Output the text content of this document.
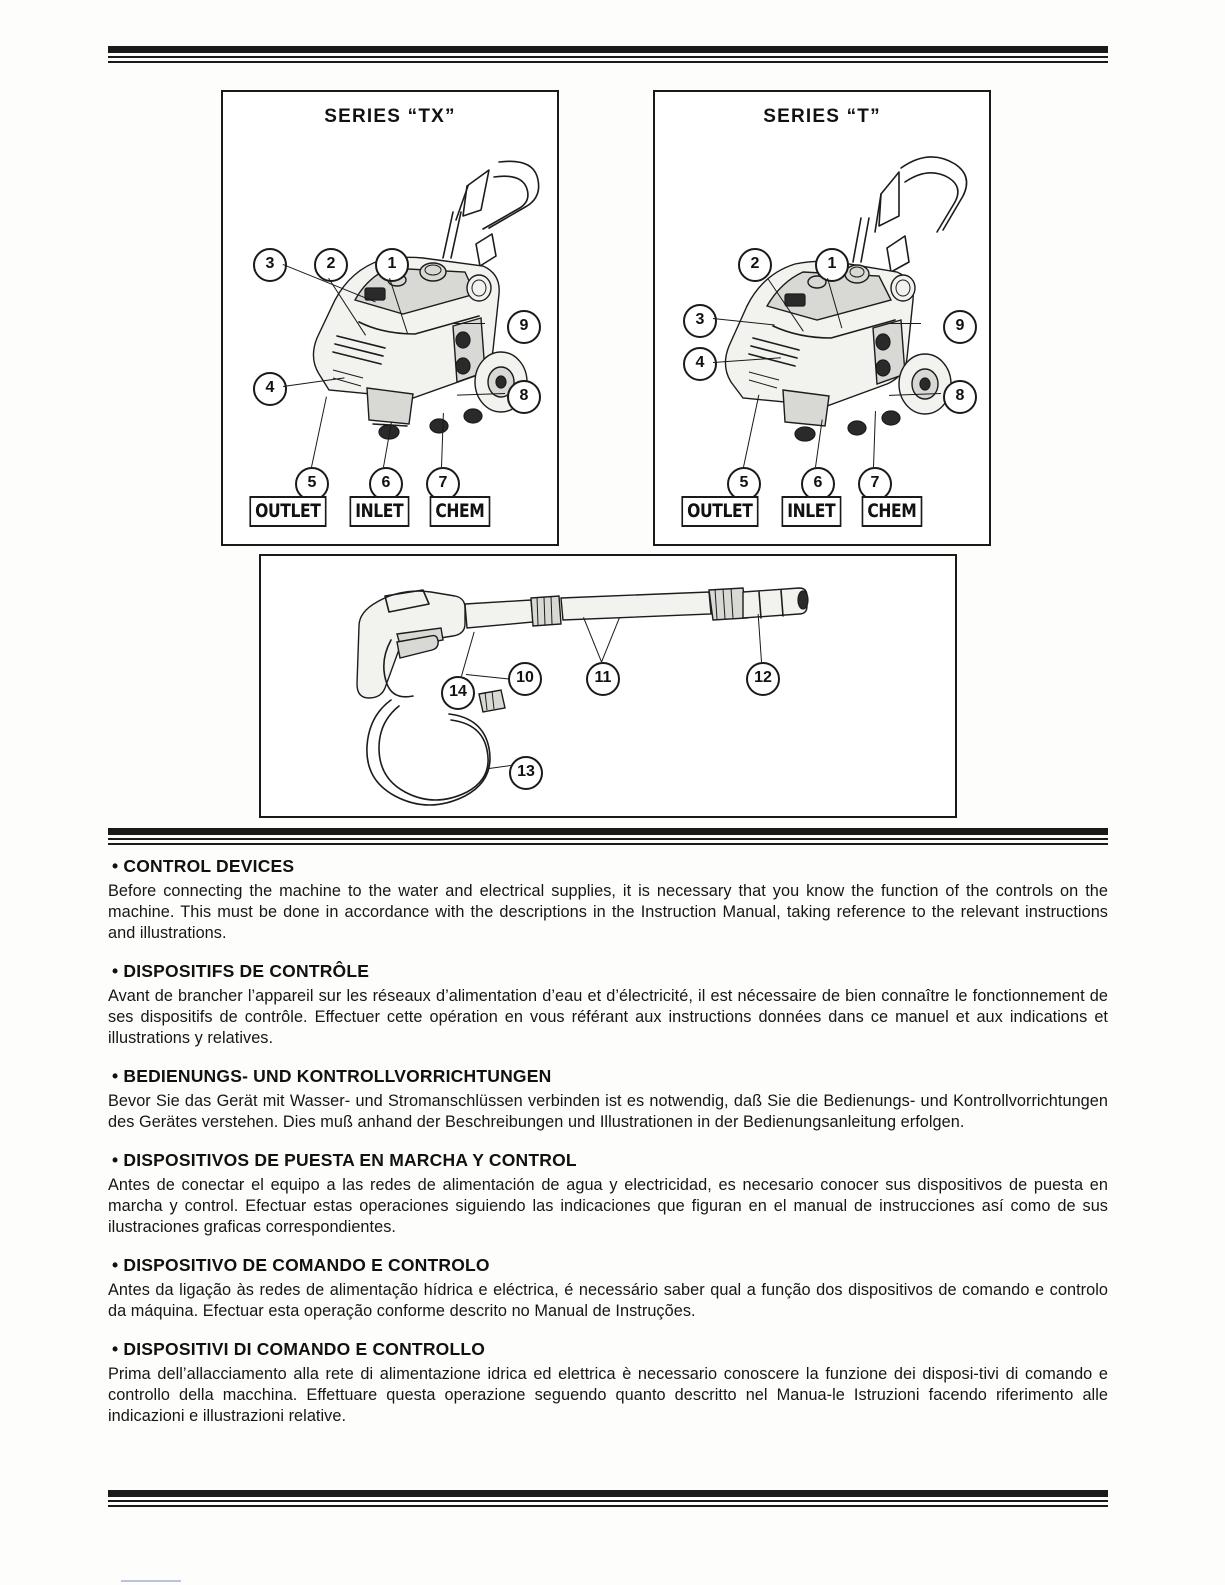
SERIES “TX”
3	2	1
9
4	8
5	6	7
OUTLET	INLET	CHEM
SERIES “T”
2	1
3	9
4
8
5	6	7
OUTLET	INLET	CHEM
14
10	11	12
13
• CONTROL DEVICES

Before connecting the machine to the water and electrical supplies, it is necessary that you know the function of the controls on the machine. This must be done in accordance with the descriptions in the Instruction Manual, taking reference to the relevant instructions and illustrations.

• DISPOSITIFS DE CONTRÔLE

Avant de brancher l’appareil sur les réseaux d’alimentation d’eau et d’électricité, il est nécessaire de bien connaître le fonctionnement de ses dispositifs de contrôle. Effectuer cette opération en vous référant aux instructions données dans ce manuel et aux indications et illustrations y relatives.

• BEDIENUNGS- UND KONTROLLVORRICHTUNGEN

Bevor Sie das Gerät mit Wasser- und Stromanschlüssen verbinden ist es notwendig, daß Sie die Bedienungs- und Kontrollvorrichtungen des Gerätes verstehen. Dies muß anhand der Beschreibungen und Illustrationen in der Bedienungsanleitung erfolgen.

• DISPOSITIVOS DE PUESTA EN MARCHA Y CONTROL

Antes de conectar el equipo a las redes de alimentación de agua y electricidad, es necesario conocer sus dispositivos de puesta en marcha y control. Efectuar estas operaciones siguiendo las indicaciones que figuran en el manual de instrucciones así como de sus ilustraciones graficas correspondientes.

• DISPOSITIVO DE COMANDO E CONTROLO

Antes da ligação às redes de alimentação hídrica e eléctrica, é necessário saber qual a função dos dispositivos de comando e controlo da máquina. Efectuar esta operação conforme descrito no Manual de Instruções.

• DISPOSITIVI DI COMANDO E CONTROLLO

Prima dell’allacciamento alla rete di alimentazione idrica ed elettrica è necessario conoscere la funzione dei disposi-tivi di comando e controllo della macchina. Effettuare questa operazione seguendo quanto descritto nel Manua-le Istruzioni facendo riferimento alle indicazioni e illustrazioni relative.
